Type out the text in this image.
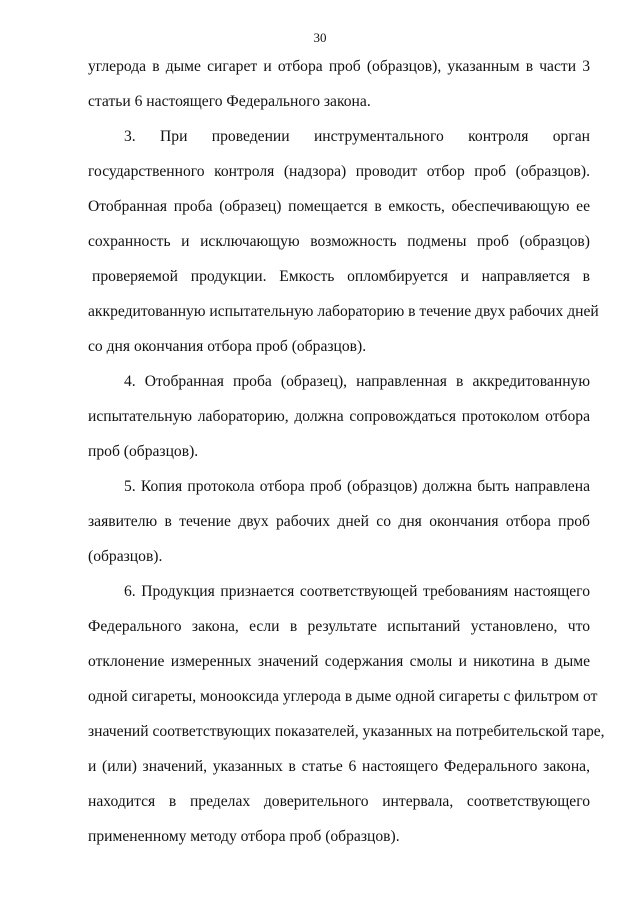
30

углерода в дыме сигарет и отбора проб (образцов), указанным в части 3

статьи 6 настоящего Федерального закона.

3. При проведении инструментального контроля орган

государственного контроля (надзора) проводит отбор проб (образцов).

Отобранная проба (образец) помещается в емкость, обеспечивающую ее

сохранность и исключающую возможность подмены проб (образцов)

проверяемой продукции. Емкость опломбируется и направляется в

аккредитованную испытательную лабораторию в течение двух рабочих дней

со дня окончания отбора проб (образцов).

4. Отобранная проба (образец), направленная в аккредитованную

испытательную лабораторию, должна сопровождаться протоколом отбора

проб (образцов).

5. Копия протокола отбора проб (образцов) должна быть направлена

заявителю в течение двух рабочих дней со дня окончания отбора проб

(образцов).

6. Продукция признается соответствующей требованиям настоящего

Федерального закона, если в результате испытаний установлено, что

отклонение измеренных значений содержания смолы и никотина в дыме

одной сигареты, монооксида углерода в дыме одной сигареты с фильтром от

значений соответствующих показателей, указанных на потребительской таре,

и (или) значений, указанных в статье 6 настоящего Федерального закона,

находится в пределах доверительного интервала, соответствующего

примененному методу отбора проб (образцов).
